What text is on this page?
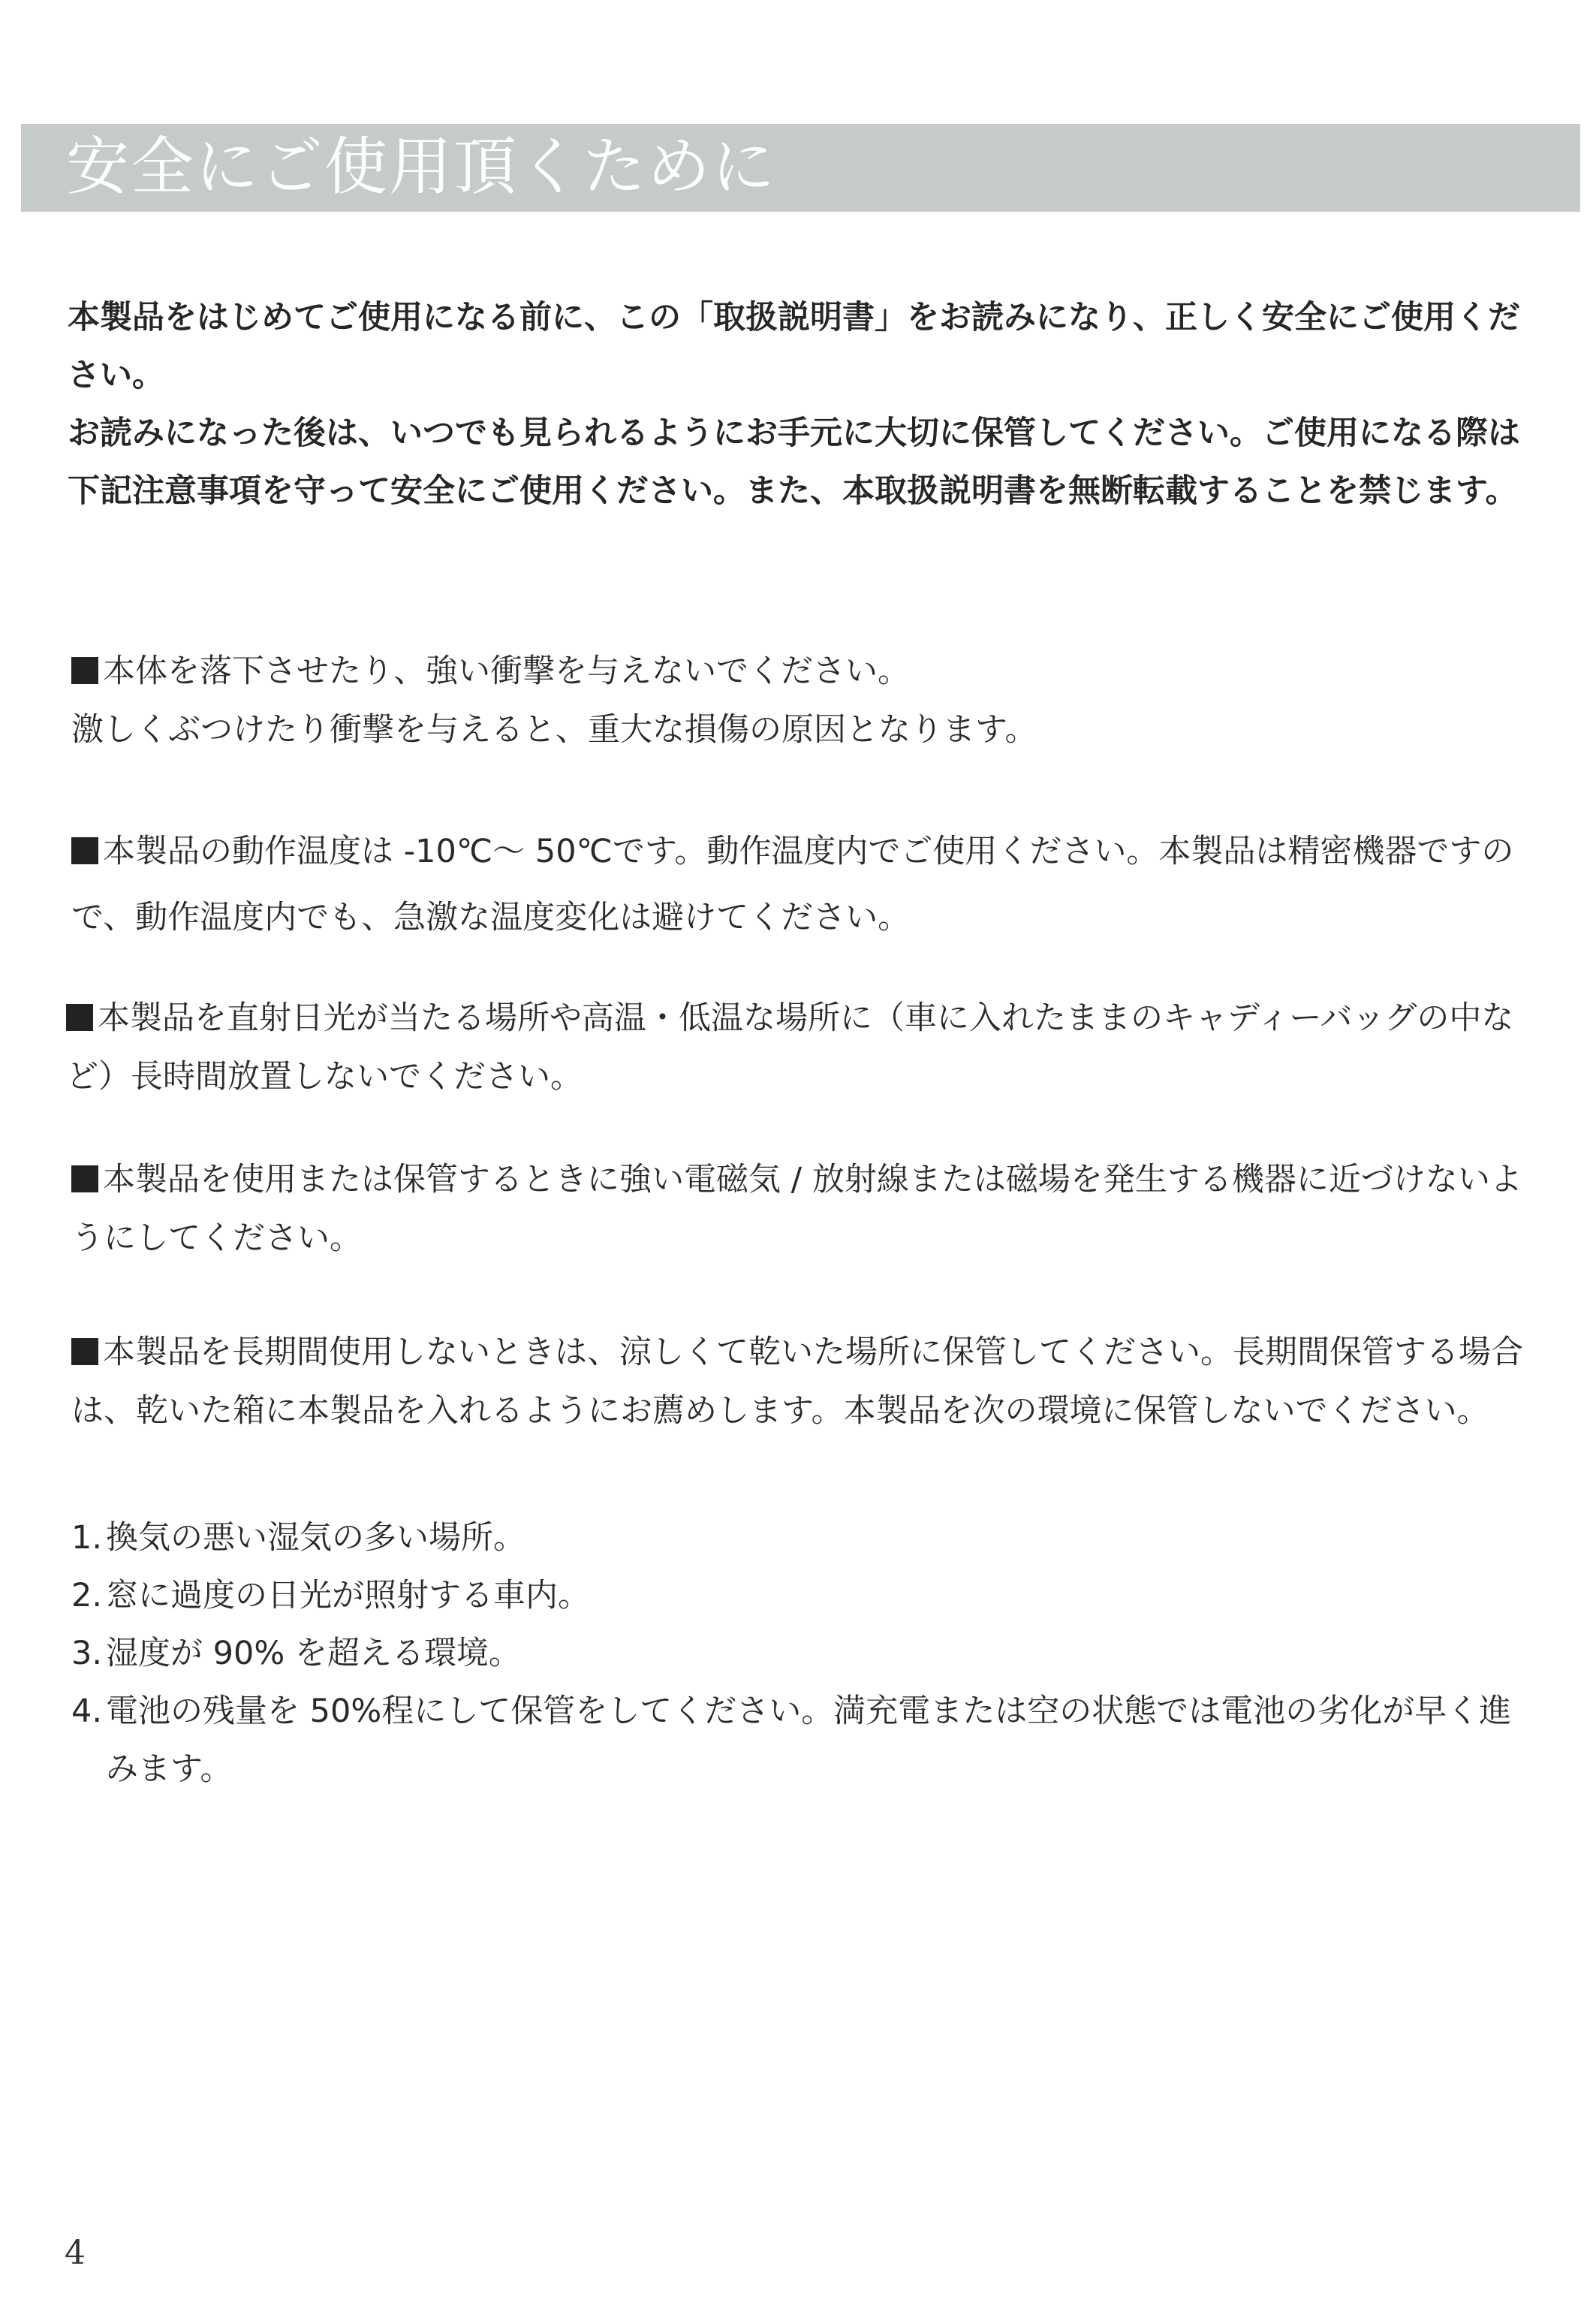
安全にご使用頂くために

本製品をはじめてご使用になる前に、この「取扱説明書」をお読みになり、正しく安全にご使用ください。

お読みになった後は、いつでも見られるようにお手元に大切に保管してください。ご使用になる際は下記注意事項を守って安全にご使用ください。また、本取扱説明書を無断転載することを禁じます。

本体を落下させたり、強い衝撃を与えないでください。

激しくぶつけたり衝撃を与えると、重大な損傷の原因となります。

本製品の動作温度は -10℃～ 50℃です。動作温度内でご使用ください。本製品は精密機器ですので、動作温度内でも、急激な温度変化は避けてください。

本製品を直射日光が当たる場所や高温・低温な場所に（車に入れたままのキャディーバッグの中など）長時間放置しないでください。

本製品を使用または保管するときに強い電磁気 / 放射線または磁場を発生する機器に近づけないようにしてください。

本製品を長期間使用しないときは、涼しくて乾いた場所に保管してください。長期間保管する場合は、乾いた箱に本製品を入れるようにお薦めします。本製品を次の環境に保管しないでください。

1. 換気の悪い湿気の多い場所。
2. 窓に過度の日光が照射する車内。
3. 湿度が 90% を超える環境。
4. 電池の残量を 50%程にして保管をしてください。満充電または空の状態では電池の劣化が早く進みます。
4
